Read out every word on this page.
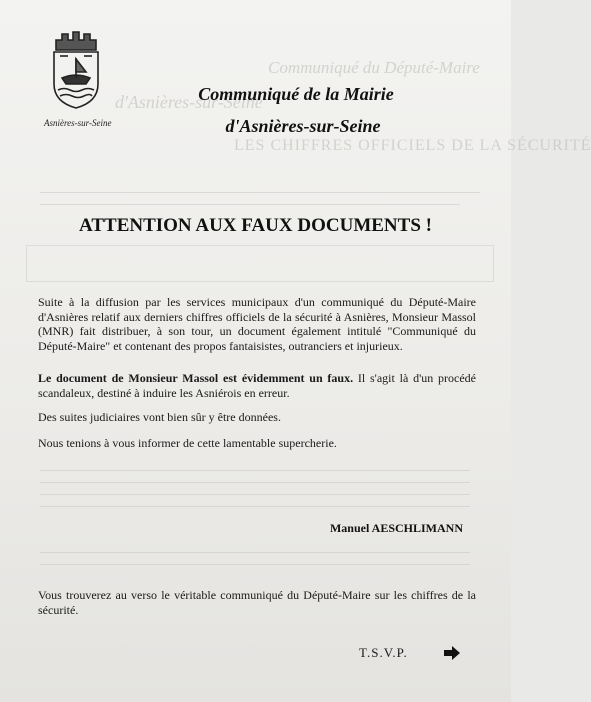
Communiqué du Député-Maire
d'Asnières-sur-Seine
LES CHIFFRES OFFICIELS DE LA SÉCURITÉ
Asnières-sur-Seine
Communiqué de la Mairie
d'Asnières-sur-Seine
ATTENTION AUX FAUX DOCUMENTS !
Suite à la diffusion par les services municipaux d'un communiqué du Député-Maire d'Asnières relatif aux derniers chiffres officiels de la sécurité à Asnières, Monsieur Massol (MNR) fait distribuer, à son tour, un document également intitulé "Communiqué du Député-Maire" et contenant des propos fantaisistes, outranciers et injurieux.
Le document de Monsieur Massol est évidemment un faux. Il s'agit là d'un procédé scandaleux, destiné à induire les Asniérois en erreur.
Des suites judiciaires vont bien sûr y être données.
Nous tenions à vous informer de cette lamentable supercherie.
Manuel AESCHLIMANN
Vous trouverez au verso le véritable communiqué du Député-Maire sur les chiffres de la sécurité.
T.S.V.P.
